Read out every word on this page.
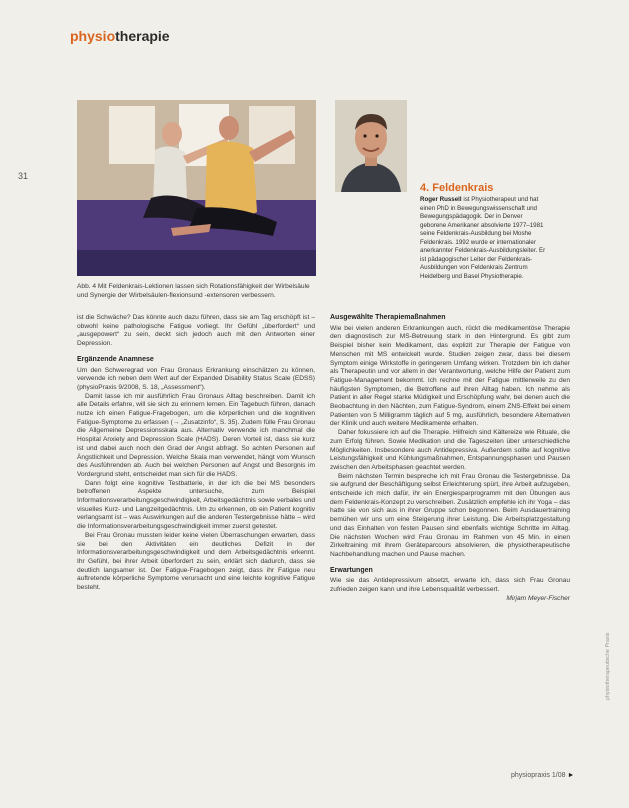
physiotherapie
31
Abb. 4 Mit Feldenkrais-Lektionen lassen sich Rotationsfähigkeit der Wirbelsäule und Synergie der Wirbelsäulen-flexionsund -extensoren verbessern.
4. Feldenkrais
Roger Russell ist Physiotherapeut und hat einen PhD in Bewegungswissenschaft und Bewegungspädagogik. Der in Denver geborene Amerikaner absolvierte 1977–1981 seine Feldenkrais-Ausbildung bei Moshe Feldenkrais. 1992 wurde er internationaler anerkannter Feldenkrais-Ausbildungsleiter. Er ist pädagogischer Leiter der Feldenkrais-Ausbildungen von Feldenkrais Zentrum Heidelberg und Basel Physiotherapie.

ist die Schwäche? Das könnte auch dazu führen, dass sie am Tag erschöpft ist – obwohl keine pathologische Fatigue vorliegt. Ihr Gefühl „überfordert“ und „ausgepowert“ zu sein, deckt sich jedoch auch mit den Antworten einer Depression.

Ergänzende Anamnese

Um den Schweregrad von Frau Gronaus Erkrankung einschätzen zu können, verwende ich neben dem Wert auf der Expanded Disability Status Scale (EDSS) (physioPraxis 9/2008, S. 18, „Assessment“).

Damit lasse ich mir ausführlich Frau Gronaus Alltag beschreiben. Damit ich alle Details erfahre, will sie sich zu erinnern lernen. Ein Tagebuch führen, danach nutze ich einen Fatigue-Fragebogen, um die körperlichen und die kognitiven Fatigue-Symptome zu erfassen (→ „Zusatzinfo“, S. 35). Zudem fülle Frau Gronau die Allgemeine Depressionsskala aus. Alternativ verwende ich manchmal die Hospital Anxiety and Depression Scale (HADS). Deren Vorteil ist, dass sie kurz ist und dabei auch noch den Grad der Angst abfragt. So achten Personen auf Ängstlichkeit und Depression. Welche Skala man verwendet, hängt vom Wunsch des Ausführenden ab. Auch bei welchen Personen auf Angst und Besorgnis im Vordergrund steht, entscheidet man sich für die HADS.

Dann folgt eine kognitive Testbatterie, in der ich die bei MS besonders betroffenen Aspekte untersuche, zum Beispiel Informationsverarbeitungsgeschwindigkeit, Arbeitsgedächtnis sowie verbales und visuelles Kurz- und Langzeitgedächtnis. Um zu erkennen, ob ein Patient kognitiv verlangsamt ist – was Auswirkungen auf die anderen Testergebnisse hätte – wird die Informationsverarbeitungsgeschwindigkeit immer zuerst getestet.

Bei Frau Gronau mussten leider keine vielen Überraschungen erwarten, dass sie bei den Aktivitäten ein deutliches Defizit in der Informationsverarbeitungsgeschwindigkeit und dem Arbeitsgedächtnis erkennt. Ihr Gefühl, bei ihrer Arbeit überfordert zu sein, erklärt sich dadurch, dass sie deutlich langsamer ist. Der Fatigue-Fragebogen zeigt, dass ihr Fatigue neu auftretende körperliche Symptome verursacht und eine leichte kognitive Fatigue besteht.

Ausgewählte Therapiemaßnahmen

Wie bei vielen anderen Erkrankungen auch, rückt die medikamentöse Therapie den diagnostisch zur MS-Betreuung stark in den Hintergrund. Es gibt zum Beispiel bisher kein Medikament, das explizit zur Therapie der Fatigue von Menschen mit MS entwickelt wurde. Studien zeigen zwar, dass bei diesem Symptom einige Wirkstoffe in geringerem Umfang wirken. Trotzdem bin ich daher als Therapeutin und vor allem in der Verantwortung, welche Hilfe der Patient zum Fatigue-Management bekommt. Ich rechne mit der Fatigue mittlerweile zu den häufigsten Symptomen, die Betroffene auf ihren Alltag haben. Ich nehme als Patient in aller Regel starke Müdigkeit und Erschöpfung wahr, bei denen auch die Beobachtung in den Nächten, zum Fatigue-Syndrom, einem ZNS-Effekt bei einem Patienten von 5 Milligramm täglich auf 5 mg, ausführlich, besondere Alternativen der Klinik und auch weitere Medikamente erhalten.

Daher fokussiere ich auf die Therapie. Hilfreich sind Kältereize wie Rituale, die zum Erfolg führen. Sowie Medikation und die Tageszeiten über unterschiedliche Möglichkeiten. Insbesondere auch Antidepressiva. Außerdem sollte auf kognitive Leistungsfähigkeit und Kühlungsmaßnahmen, Entspannungsphasen und Pausen zwischen den Arbeitsphasen geachtet werden.

Beim nächsten Termin bespreche ich mit Frau Gronau die Testergebnisse. Da sie aufgrund der Beschäftigung selbst Erleichterung spürt, ihre Arbeit aufzugeben, entscheide ich mich dafür, ihr ein Energiesparprogramm mit den Übungen aus dem Feldenkrais-Konzept zu verschreiben. Zusätzlich empfehle ich ihr Yoga – das hatte sie von sich aus in ihrer Gruppe schon begonnen. Beim Ausdauertraining bemühen wir uns um eine Steigerung ihrer Leistung. Die Arbeitsplatzgestaltung und das Einhalten von festen Pausen sind ebenfalls wichtige Schritte im Alltag. Die nächsten Wochen wird Frau Gronau im Rahmen von 45 Min. in einen Zirkeltraining mit ihrem Geräteparcours absolvieren, die physiotherapeutische Nachbehandlung machen und Pause machen.

Erwartungen

Wie sie das Antidepressivum absetzt, erwarte ich, dass sich Frau Gronau zufrieden zeigen kann und ihre Lebensqualität verbessert.

Mirjam Meyer-Fischer
physiopraxis 1/08 ►
physiotherapeutische Praxis
